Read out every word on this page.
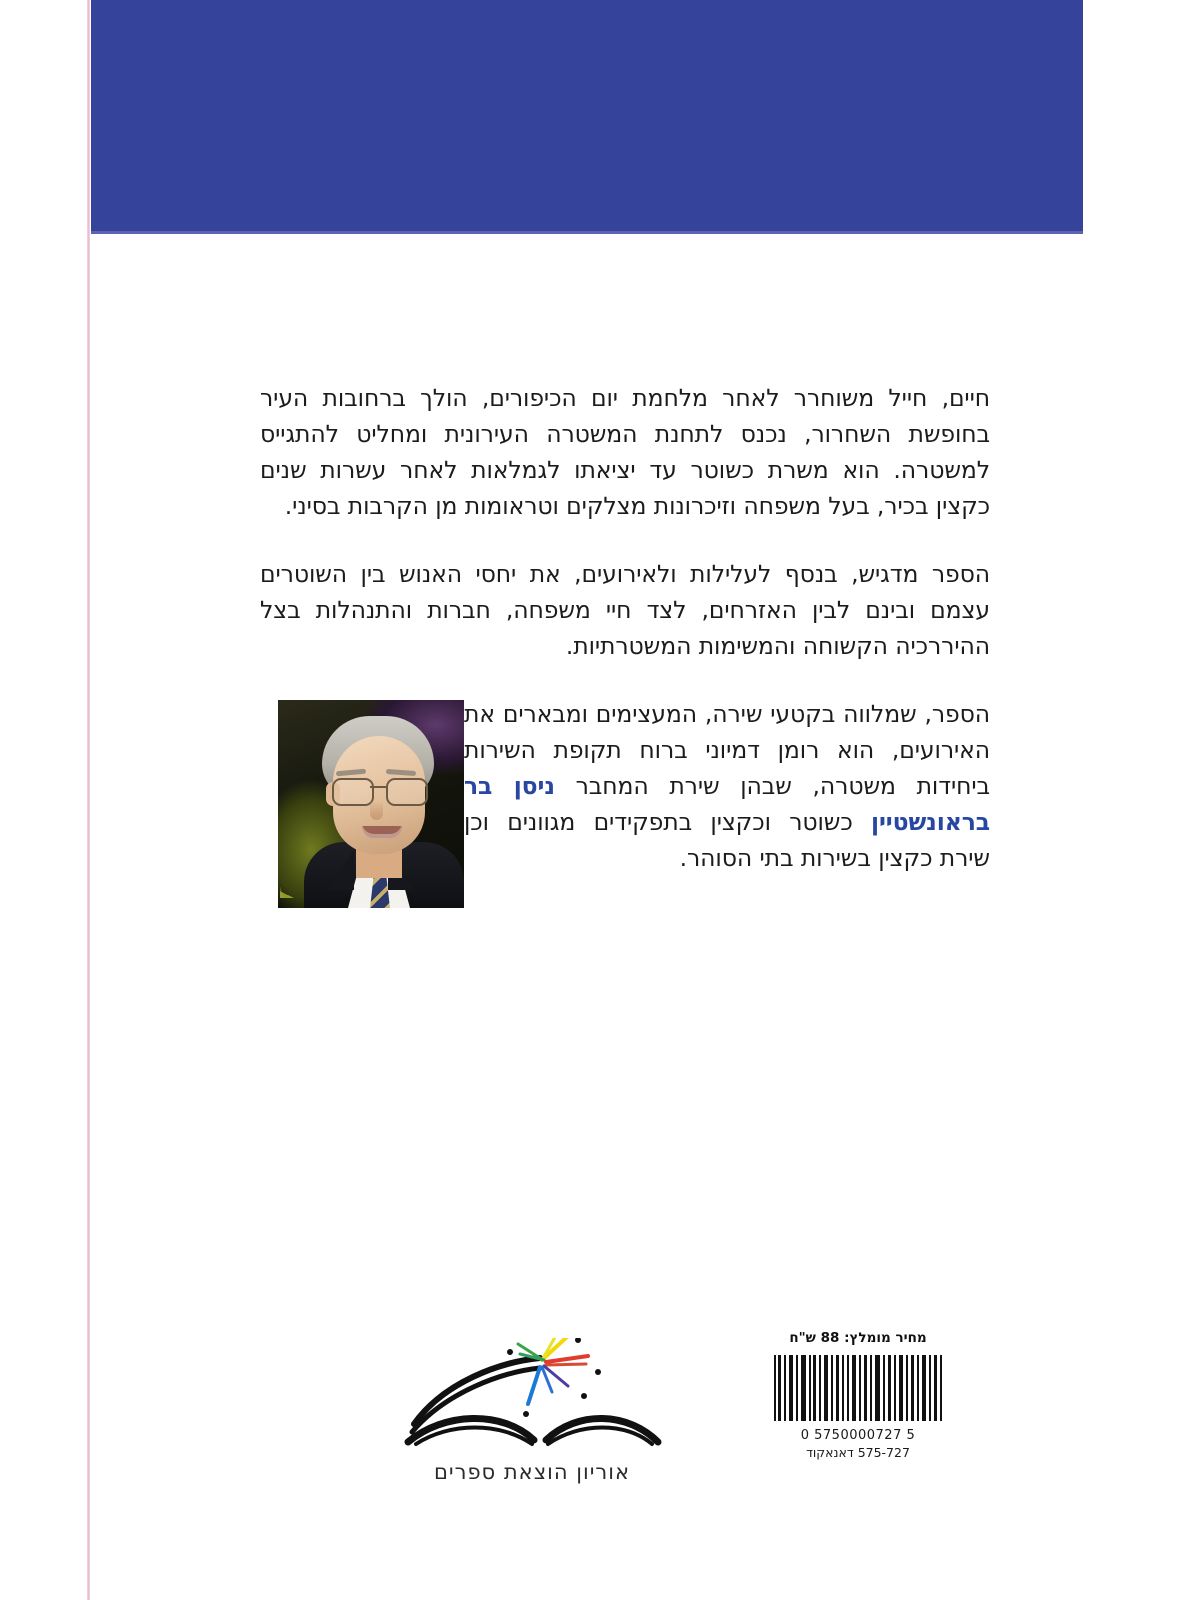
חיים, חייל משוחרר לאחר מלחמת יום הכיפורים, הולך ברחובות העיר בחופשת השחרור, נכנס לתחנת המשטרה העירונית ומחליט להתגייס למשטרה. הוא משרת כשוטר עד יציאתו לגמלאות לאחר עשרות שנים כקצין בכיר, בעל משפחה וזיכרונות מצלקים וטראומות מן הקרבות בסיני.

הספר מדגיש, בנסף לעלילות ולאירועים, את יחסי האנוש בין השוטרים עצמם ובינם לבין האזרחים, לצד חיי משפחה, חברות והתנהלות בצל ההיררכיה הקשוחה והמשימות המשטרתיות.

הספר, שמלווה בקטעי שירה, המעצימים ומבארים את האירועים, הוא רומן דמיוני ברוח תקופת השירות ביחידות משטרה, שבהן שירת המחבר ניסן בר בראונשטיין כשוטר וכקצין בתפקידים מגוונים וכן שירת כקצין בשירות בתי הסוהר.
אוריון הוצאת ספרים
מחיר מומלץ: 88 ש"ח
0 5750000727 5
575-727 דאנאקוד
